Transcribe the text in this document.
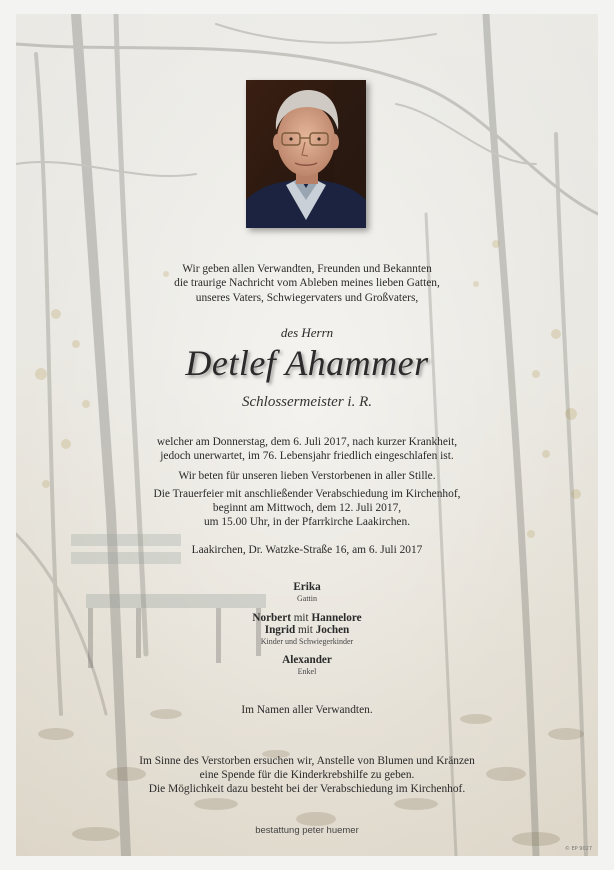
Wir geben allen Verwandten, Freunden und Bekannten
die traurige Nachricht vom Ableben meines lieben Gatten,
unseres Vaters, Schwiegervaters und Großvaters,
des Herrn
Detlef Ahammer
Schlossermeister i. R.
welcher am Donnerstag, dem 6. Juli 2017, nach kurzer Krankheit,
jedoch unerwartet, im 76. Lebensjahr friedlich eingeschlafen ist.
Wir beten für unseren lieben Verstorbenen in aller Stille.
Die Trauerfeier mit anschließender Verabschiedung im Kirchenhof,
beginnt am Mittwoch, dem 12. Juli 2017,
um 15.00 Uhr, in der Pfarrkirche Laakirchen.
Laakirchen, Dr. Watzke-Straße 16, am 6. Juli 2017
Erika
Gattin
Norbert mit Hannelore
Ingrid mit Jochen
Kinder und Schwiegerkinder
Alexander
Enkel
Im Namen aller Verwandten.
Im Sinne des Verstorben ersuchen wir, Anstelle von Blumen und Kränzen
eine Spende für die Kinderkrebshilfe zu geben.
Die Möglichkeit dazu besteht bei der Verabschiedung im Kirchenhof.
bestattung peter huemer
© EP 9027
